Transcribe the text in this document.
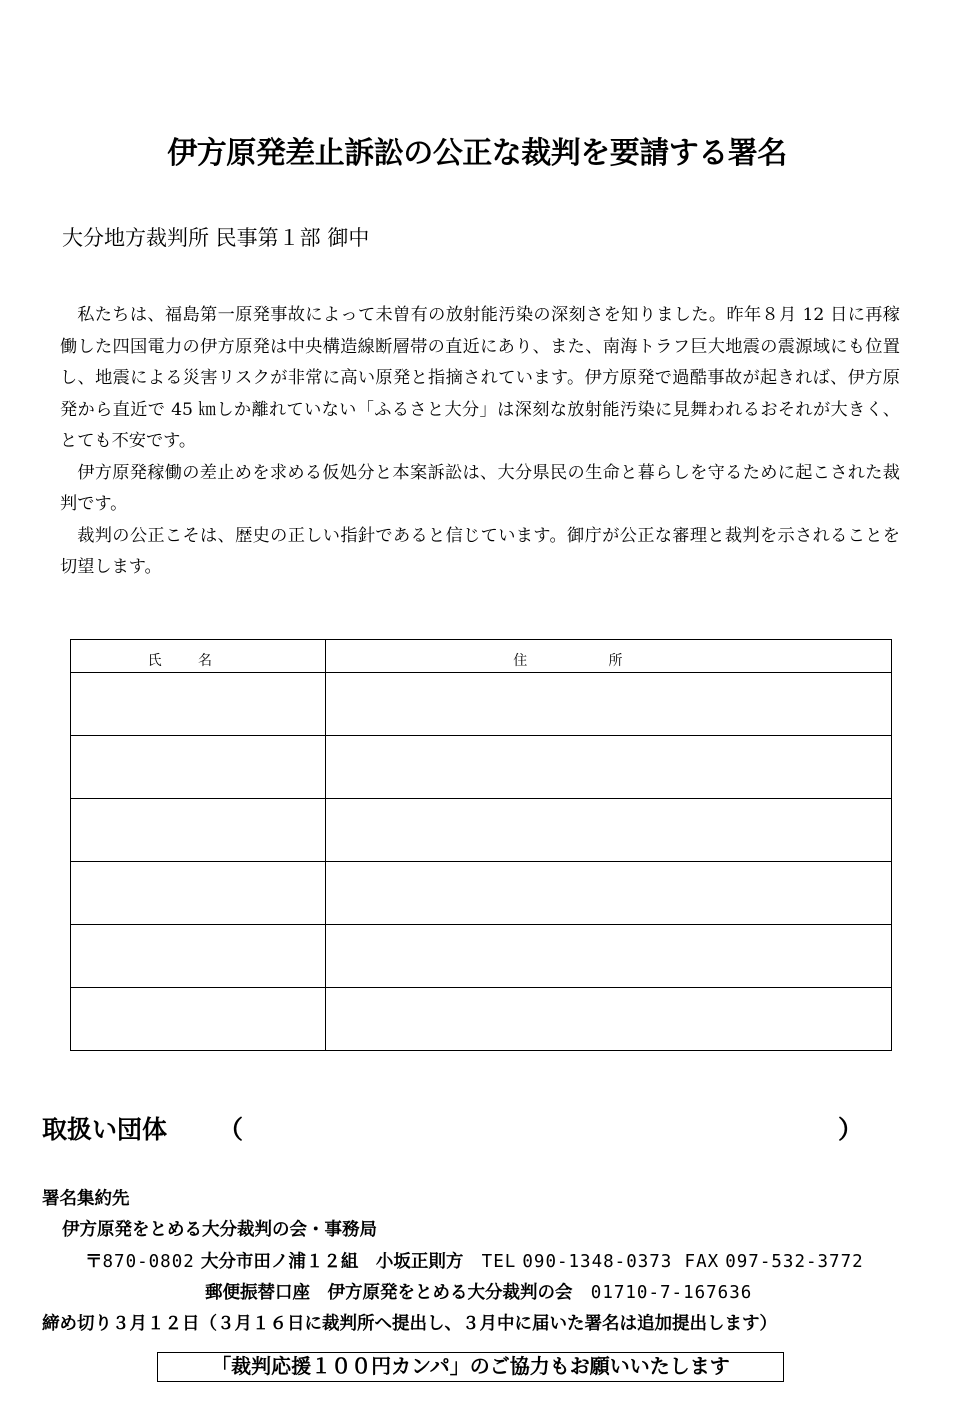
伊方原発差止訴訟の公正な裁判を要請する署名
大分地方裁判所 民事第１部 御中

私たちは、福島第一原発事故によって未曽有の放射能汚染の深刻さを知りました。昨年８月 12 日に再稼働した四国電力の伊方原発は中央構造線断層帯の直近にあり、また、南海トラフ巨大地震の震源域にも位置し、地震による災害リスクが非常に高い原発と指摘されています。伊方原発で過酷事故が起きれば、伊方原発から直近で 45 ㎞しか離れていない「ふるさと大分」は深刻な放射能汚染に見舞われるおそれが大きく、とても不安です。

伊方原発稼働の差止めを求める仮処分と本案訴訟は、大分県民の生命と暮らしを守るために起こされた裁判です。

裁判の公正こそは、歴史の正しい指針であると信じています。御庁が公正な審理と裁判を示されることを切望します。

氏名	住所

取扱い団体 （	）
署名集約先
伊方原発をとめる大分裁判の会・事務局
〒870-0802 大分市田ノ浦１２組　小坂正則方 TEL 090-1348-0373 FAX 097-532-3772
郵便振替口座　伊方原発をとめる大分裁判の会 01710-7-167636
締め切り３月１２日（３月１６日に裁判所へ提出し、３月中に届いた署名は追加提出します）
「裁判応援１００円カンパ」のご協力もお願いいたします
